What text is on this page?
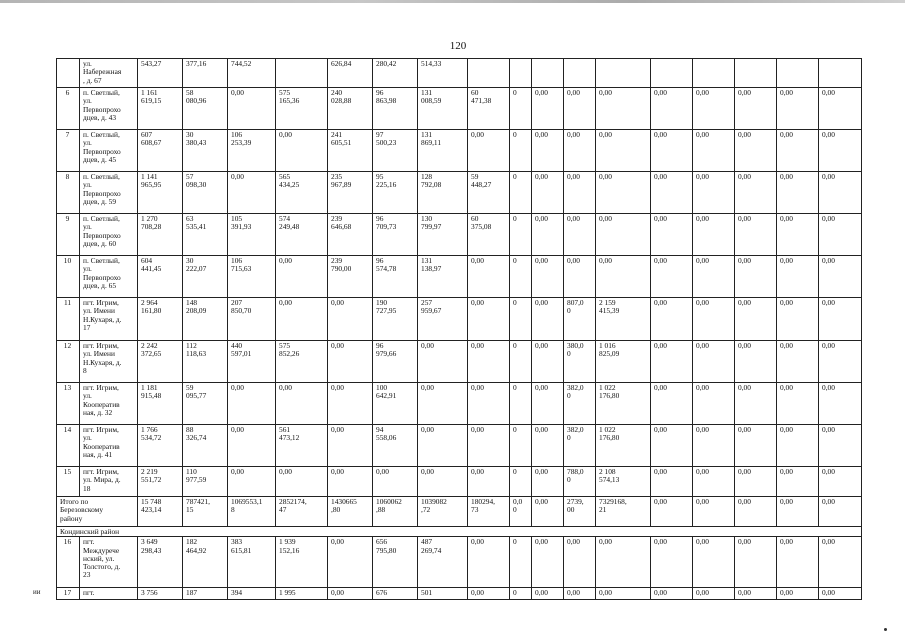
120
	ул.
Набережная
, д. 67	543,27	377,16	744,52		626,84	280,42	514,33											
6	п. Светлый,
ул.
Первопрохо
дцев, д. 43	1 161
619,15	58
080,96	0,00	575
165,36	240
028,88	96
863,98	131
008,59	60
471,38	0	0,00	0,00	0,00	0,00	0,00	0,00	0,00	0,00	
7	п. Светлый,
ул.
Первопрохо
дцев, д. 45	607
608,67	30
380,43	106
253,39	0,00	241
605,51	97
500,23	131
869,11	0,00	0	0,00	0,00	0,00	0,00	0,00	0,00	0,00	0,00	
8	п. Светлый,
ул.
Первопрохо
дцев, д. 59	1 141
965,95	57
098,30	0,00	565
434,25	235
967,89	95
225,16	128
792,08	59
448,27	0	0,00	0,00	0,00	0,00	0,00	0,00	0,00	0,00	
9	п. Светлый,
ул.
Первопрохо
дцев, д. 60	1 270
708,28	63
535,41	105
391,93	574
249,48	239
646,68	96
709,73	130
799,97	60
375,08	0	0,00	0,00	0,00	0,00	0,00	0,00	0,00	0,00	
10	п. Светлый,
ул.
Первопрохо
дцев, д. 65	604
441,45	30
222,07	106
715,63	0,00	239
790,00	96
574,78	131
138,97	0,00	0	0,00	0,00	0,00	0,00	0,00	0,00	0,00	0,00	
11	пгт. Игрим,
ул. Имени
Н.Кухаря, д.
17	2 964
161,80	148
208,09	207
850,70	0,00	0,00	190
727,95	257
959,67	0,00	0	0,00	807,0
0	2 159
415,39	0,00	0,00	0,00	0,00	0,00	
12	пгт. Игрим,
ул. Имени
Н.Кухаря, д.
8	2 242
372,65	112
118,63	440
597,01	575
852,26	0,00	96
979,66	0,00	0,00	0	0,00	380,0
0	1 016
825,09	0,00	0,00	0,00	0,00	0,00	
13	пгт. Игрим,
ул.
Кооператив
ная, д. 32	1 181
915,48	59
095,77	0,00	0,00	0,00	100
642,91	0,00	0,00	0	0,00	382,0
0	1 022
176,80	0,00	0,00	0,00	0,00	0,00	
14	пгт. Игрим,
ул.
Кооператив
ная, д. 41	1 766
534,72	88
326,74	0,00	561
473,12	0,00	94
558,06	0,00	0,00	0	0,00	382,0
0	1 022
176,80	0,00	0,00	0,00	0,00	0,00	
15	пгт. Игрим,
ул. Мира, д.
18	2 219
551,72	110
977,59	0,00	0,00	0,00	0,00	0,00	0,00	0	0,00	788,0
0	2 108
574,13	0,00	0,00	0,00	0,00	0,00	
Итого по
Березовскому
району		15 748
423,14	787421,
15	1069553,1
8	2852174,
47	1430665
,80	1060062
,88	1039082
,72	180294,
73	0,0
0	0,00	2739,
00	7329168,
21	0,00	0,00	0,00	0,00	0,00	
Кондинский район																			
16	пгт.
Междурече
нский, ул.
Толстого, д.
23	3 649
298,43	182
464,92	383
615,81	1 939
152,16	0,00	656
795,80	487
269,74	0,00	0	0,00	0,00	0,00	0,00	0,00	0,00	0,00	0,00	
17	пгт.	3 756	187	394	1 995	0,00	676	501	0,00	0	0,00	0,00	0,00	0,00	0,00	0,00	0,00	0,00	
ии
